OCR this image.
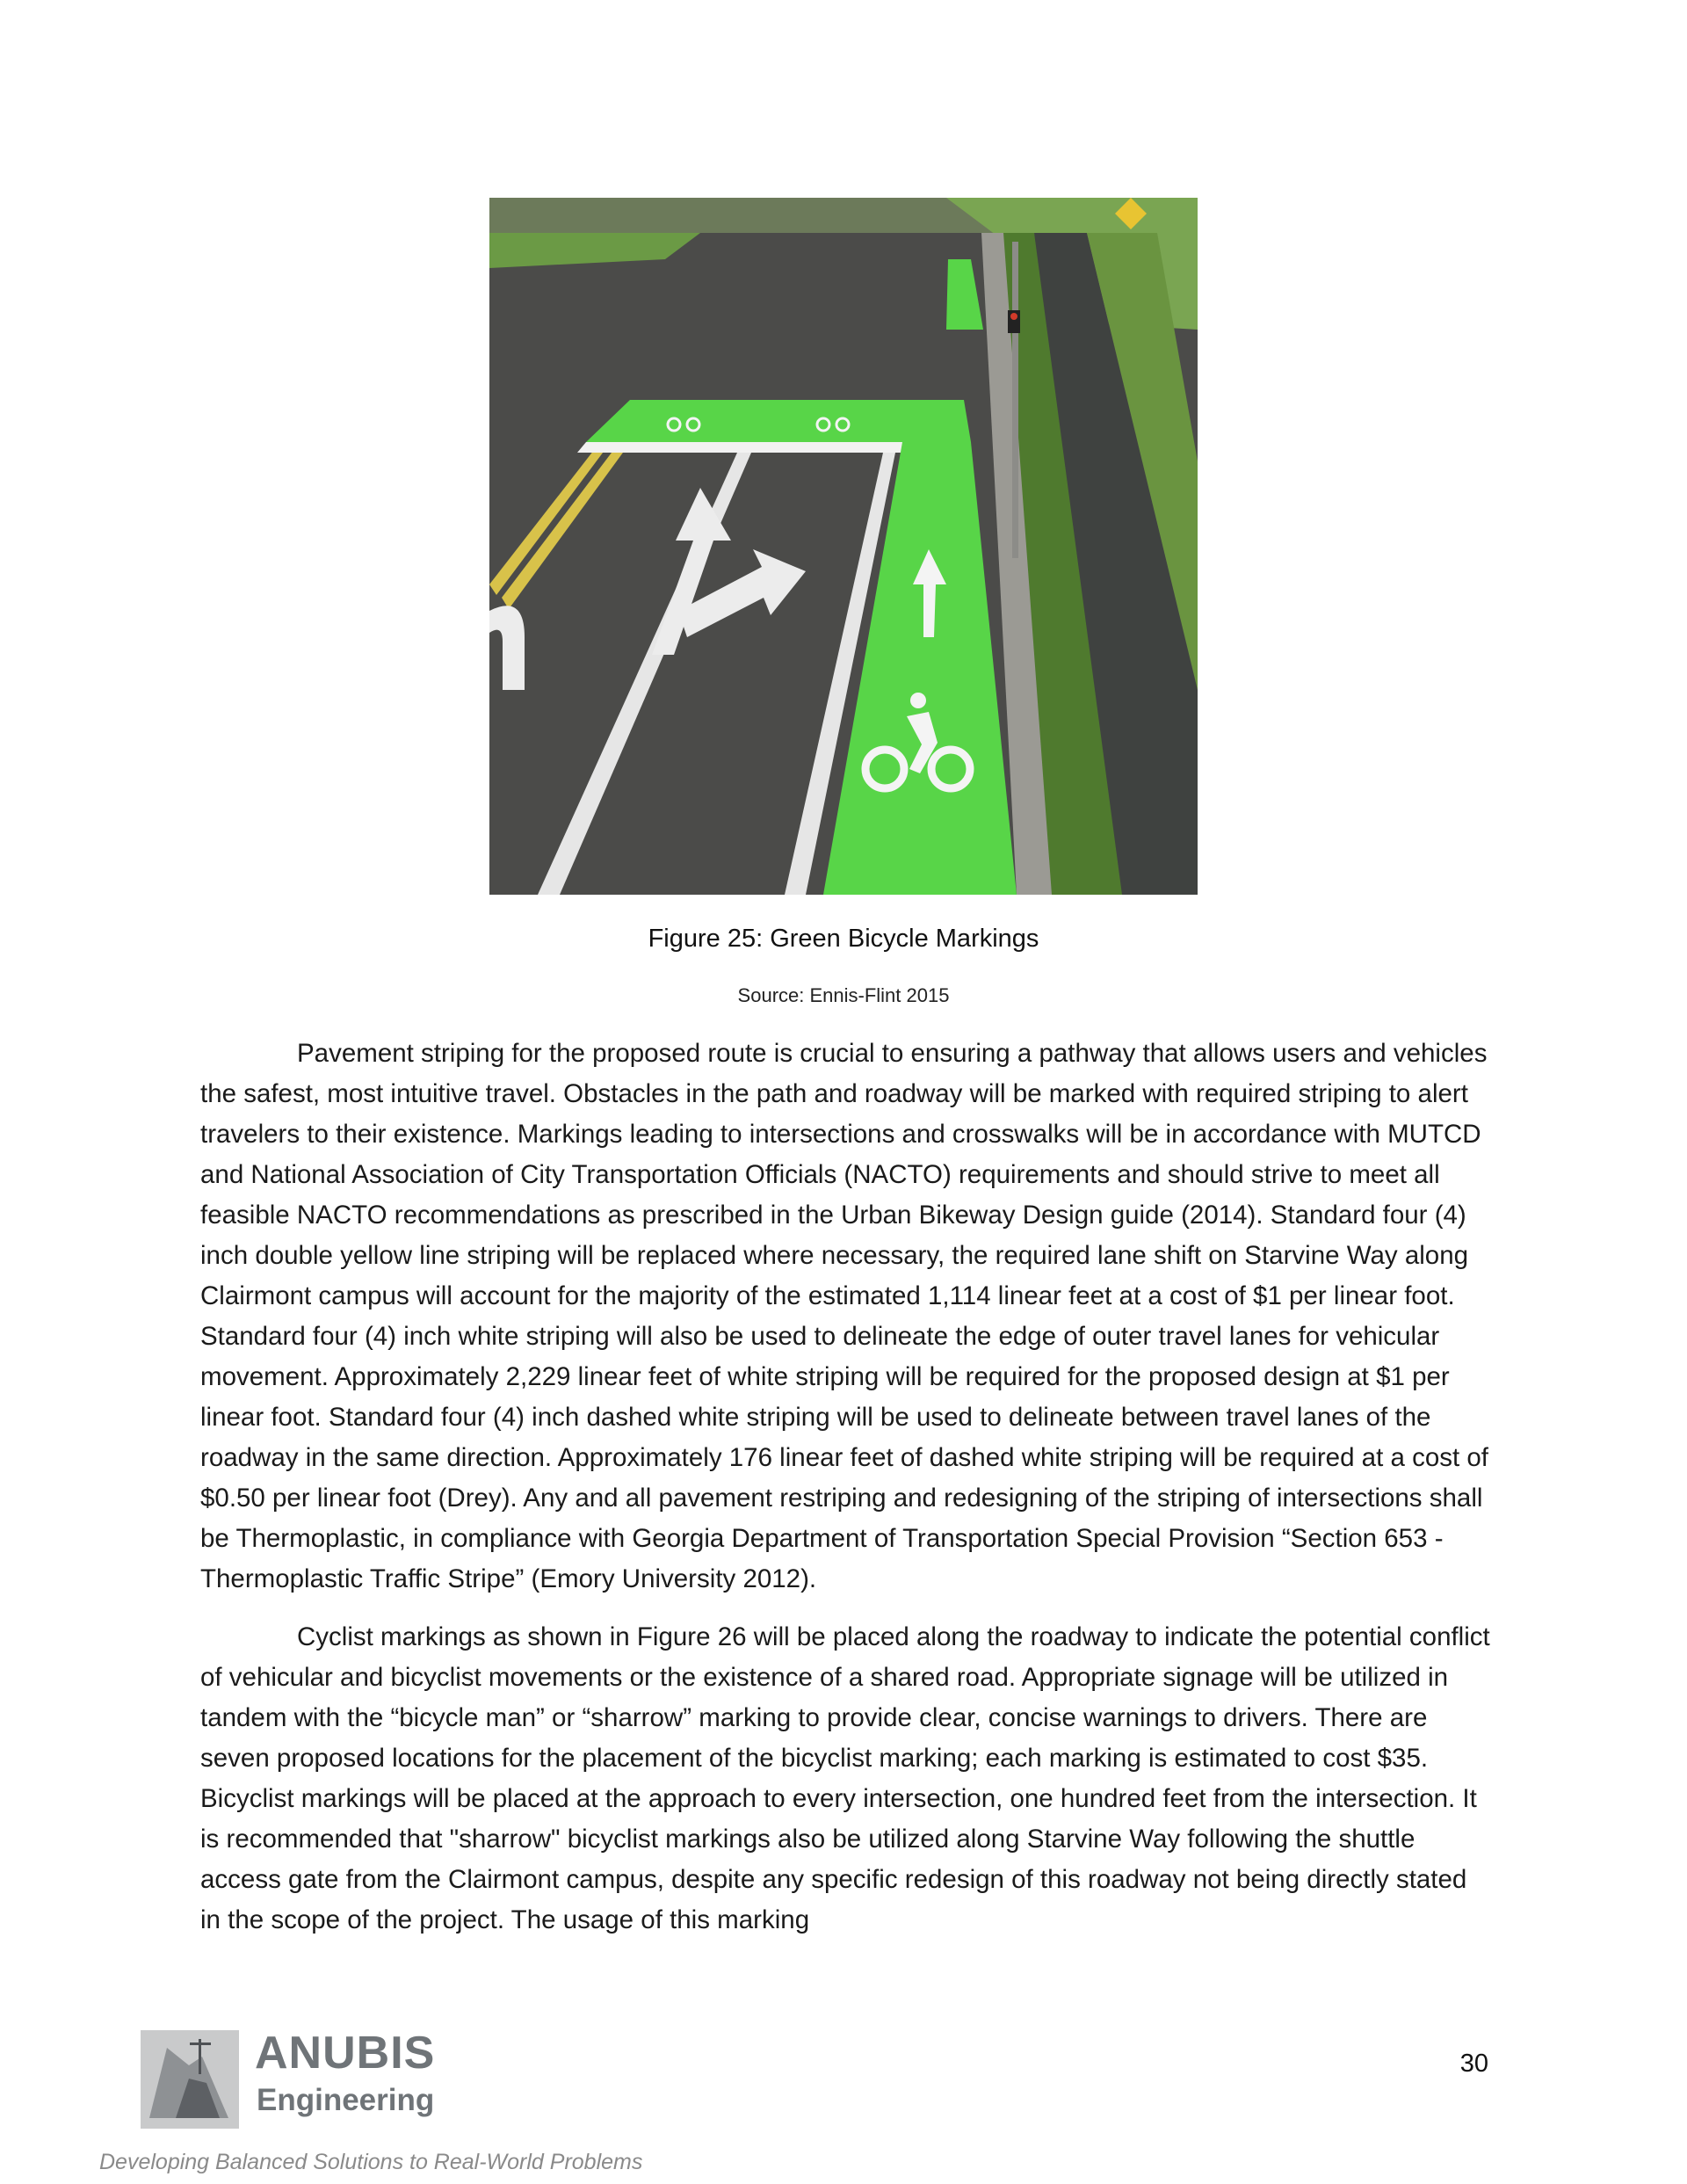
Figure 25: Green Bicycle Markings
Source: Ennis-Flint 2015

Pavement striping for the proposed route is crucial to ensuring a pathway that allows users and vehicles the safest, most intuitive travel. Obstacles in the path and roadway will be marked with required striping to alert travelers to their existence. Markings leading to intersections and crosswalks will be in accordance with MUTCD and National Association of City Transportation Officials (NACTO) requirements and should strive to meet all feasible NACTO recommendations as prescribed in the Urban Bikeway Design guide (2014). Standard four (4) inch double yellow line striping will be replaced where necessary, the required lane shift on Starvine Way along Clairmont campus will account for the majority of the estimated 1,114 linear feet at a cost of $1 per linear foot. Standard four (4) inch white striping will also be used to delineate the edge of outer travel lanes for vehicular movement. Approximately 2,229 linear feet of white striping will be required for the proposed design at $1 per linear foot. Standard four (4) inch dashed white striping will be used to delineate between travel lanes of the roadway in the same direction. Approximately 176 linear feet of dashed white striping will be required at a cost of $0.50 per linear foot (Drey). Any and all pavement restriping and redesigning of the striping of intersections shall be Thermoplastic, in compliance with Georgia Department of Transportation Special Provision “Section 653 - Thermoplastic Traffic Stripe” (Emory University 2012).

Cyclist markings as shown in Figure 26 will be placed along the roadway to indicate the potential conflict of vehicular and bicyclist movements or the existence of a shared road. Appropriate signage will be utilized in tandem with the “bicycle man” or “sharrow” marking to provide clear, concise warnings to drivers. There are seven proposed locations for the placement of the bicyclist marking; each marking is estimated to cost $35. Bicyclist markings will be placed at the approach to every intersection, one hundred feet from the intersection. It is recommended that "sharrow" bicyclist markings also be utilized along Starvine Way following the shuttle access gate from the Clairmont campus, despite any specific redesign of this roadway not being directly stated in the scope of the project. The usage of this marking

ANUBIS
Engineering
30
Developing Balanced Solutions to Real-World Problems
